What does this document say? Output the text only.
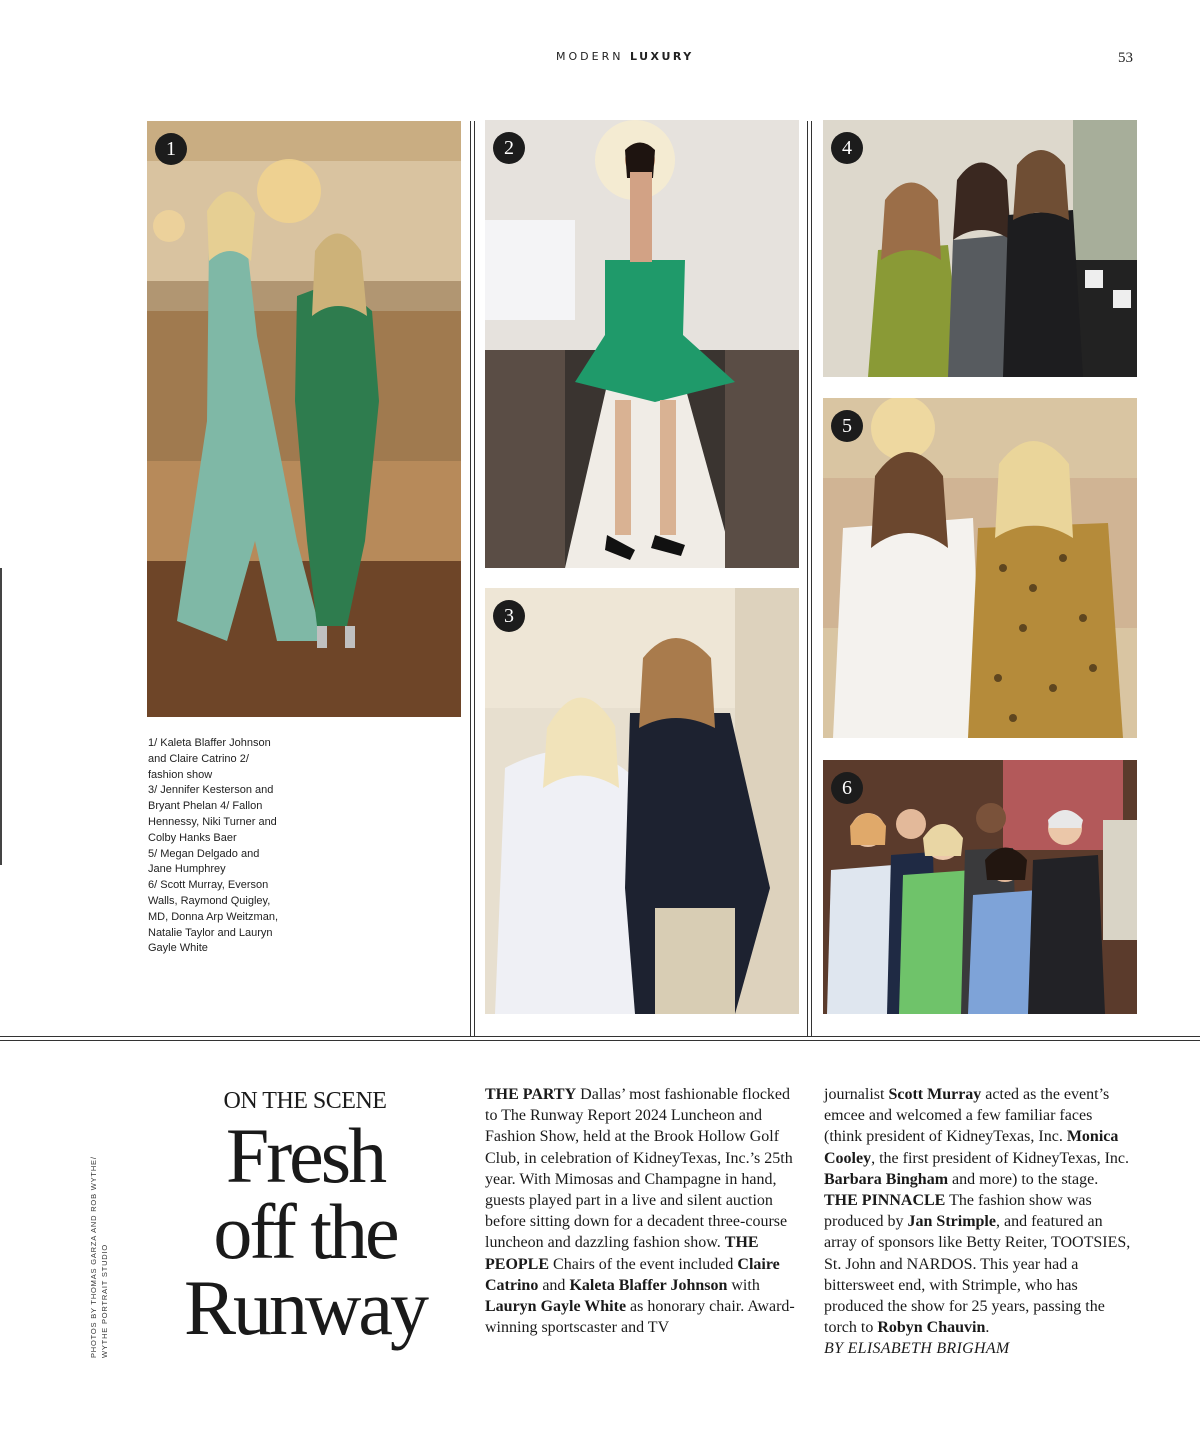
MODERN LUXURY	53
1	2
3
4
5
6
1/ Kaleta Blaffer Johnson
and Claire Catrino 2/
fashion show
3/ Jennifer Kesterson and
Bryant Phelan 4/ Fallon
Hennessy, Niki Turner and
Colby Hanks Baer
5/ Megan Delgado and
Jane Humphrey
6/ Scott Murray, Everson
Walls, Raymond Quigley,
MD, Donna Arp Weitzman,
Natalie Taylor and Lauryn
Gayle White
PHOTOS BY THOMAS GARZA AND ROB WYTHE/ WYTHE PORTRAIT STUDIO
ON THE SCENE
Fresh
off the
Runway
THE PARTY Dallas’ most fashionable flocked to The Runway Report 2024 Luncheon and Fashion Show, held at the Brook Hollow Golf Club, in celebration of KidneyTexas, Inc.’s 25th year. With Mimosas and Champagne in hand, guests played part in a live and silent auction before sitting down for a decadent three-course luncheon and dazzling fashion show. THE PEOPLE Chairs of the event included Claire Catrino and Kaleta Blaffer Johnson with Lauryn Gayle White as honorary chair. Award-winning sportscaster and TV
journalist Scott Murray acted as the event’s emcee and welcomed a few familiar faces (think president of KidneyTexas, Inc. Monica Cooley, the first president of KidneyTexas, Inc. Barbara Bingham and more) to the stage. THE PINNACLE The fashion show was produced by Jan Strimple, and featured an array of sponsors like Betty Reiter, TOOTSIES, St. John and NARDOS. This year had a bittersweet end, with Strimple, who has produced the show for 25 years, passing the torch to Robyn Chauvin.
BY ELISABETH BRIGHAM
